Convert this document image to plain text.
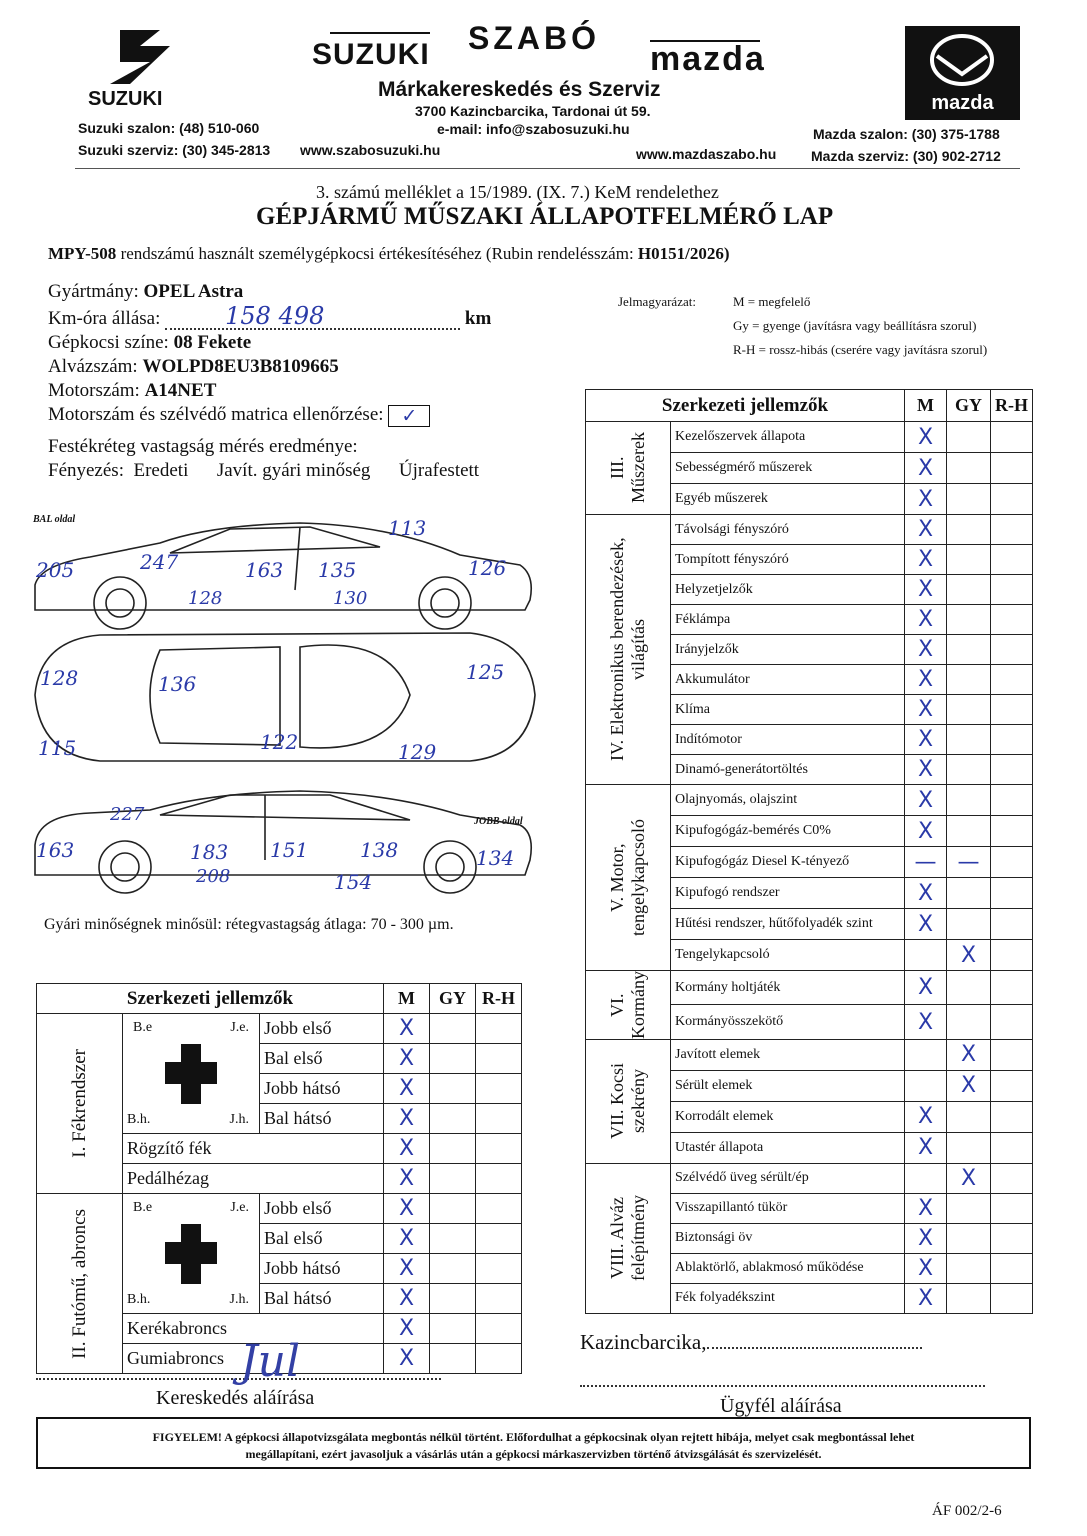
SUZUKI
SUZUKI SZABÓ
mazda
Márkakereskedés és Szerviz
3700 Kazincbarcika, Tardonai út 59.
e-mail: info@szabosuzuki.hu
Suzuki szalon: (48) 510-060
Suzuki szerviz: (30) 345-2813 www.szabosuzuki.hu	www.mazdaszabo.hu
mazda
Mazda szalon: (30) 375-1788
Mazda szerviz: (30) 902-2712
3. számú melléklet a 15/1989. (IX. 7.) KeM rendelethez
GÉPJÁRMŰ MŰSZAKI ÁLLAPOTFELMÉRŐ LAP
MPY-508 rendszámú használt személygépkocsi értékesítéséhez (Rubin rendelésszám: H0151/2026)
Gyártmány: OPEL Astra
Km-óra állása:	158 498	km
Gépkocsi színe: 08 Fekete
Alvázszám: WOLPD8EU3B8109665
Motorszám: A14NET
Motorszám és szélvédő matrica ellenőrzése: ✓
Festékréteg vastagság mérés eredménye:
Fényezés: Eredeti      Javít. gyári minőség      Újrafestett
Jelmagyarázat:	M = megfelelő
Gy = gyenge (javításra vagy beállításra szorul)
R-H = rossz-hibás (cserére vagy javításra szorul)
BAL oldal
JOBB oldal
205	247	163 135
113
126
128	130
128	136	125
115	122	129
227
163	183 151	138	134
208	154
Gyári minőségnek minősül: rétegvastagság átlaga: 70 - 300 µm.
Szerkezeti jellemzők		M	GY	R-H

III. Műszerek	Kezelőszervek állapota	X		
	Sebességmérő műszerek	X		
	Egyéb műszerek	X		

IV. Elektronikus berendezések, világítás	Távolsági fényszóró	X		
	Tompított fényszóró	X		
	Helyzetjelzők	X		
	Féklámpa	X		
	Irányjelzők	X		
	Akkumulátor	X		
	Klíma	X		
	Indítómotor	X		
	Dinamó-generátortöltés	X		

V. Motor, tengelykapcsoló	Olajnyomás, olajszint	X		
	Kipufogógáz-bemérés C0%	X		
	Kipufogógáz Diesel K-tényező	—	—	
	Kipufogó rendszer	X		
	Hűtési rendszer, hűtőfolyadék szint	X		
	Tengelykapcsoló		X	

VI. Kormány	Kormány holtjáték	X		
	Kormányösszekötő	X		

VII. Kocsi szekrény	Javított elemek		X	
	Sérült elemek		X	
	Korrodált elemek	X		
	Utastér állapota	X		

VIII. Alváz felépítmény	Szélvédő üveg sérült/ép		X	
	Visszapillantó tükör	X		
	Biztonsági öv	X		
	Ablaktörlő, ablakmosó működése	X		
	Fék folyadékszint	X		
Szerkezeti jellemzők			M	GY	R-H

I. Fékrendszer	B.e J.e.
B.h. J.h.	Jobb első	X		
		Bal első	X		
		Jobb hátsó	X		
		Bal hátsó	X		
	Rögzítő fék		X		
	Pedálhézag		X		

II. Futómű, abroncs	B.e J.e.
B.h. J.h.	Jobb első	X		
		Bal első	X		
		Jobb hátsó	X		
		Bal hátsó	X		
	Kerékabroncs		X		
	Gumiabroncs		X		
Kazincbarcika,
Jul
Kereskedés aláírása	Ügyfél aláírása
FIGYELEM! A gépkocsi állapotvizsgálata megbontás nélkül történt. Előfordulhat a gépkocsinak olyan rejtett hibája, melyet csak megbontással lehet
megállapítani, ezért javasoljuk a vásárlás után a gépkocsi márkaszervizben történő átvizsgálását és szervizelését.
ÁF 002/2-6
